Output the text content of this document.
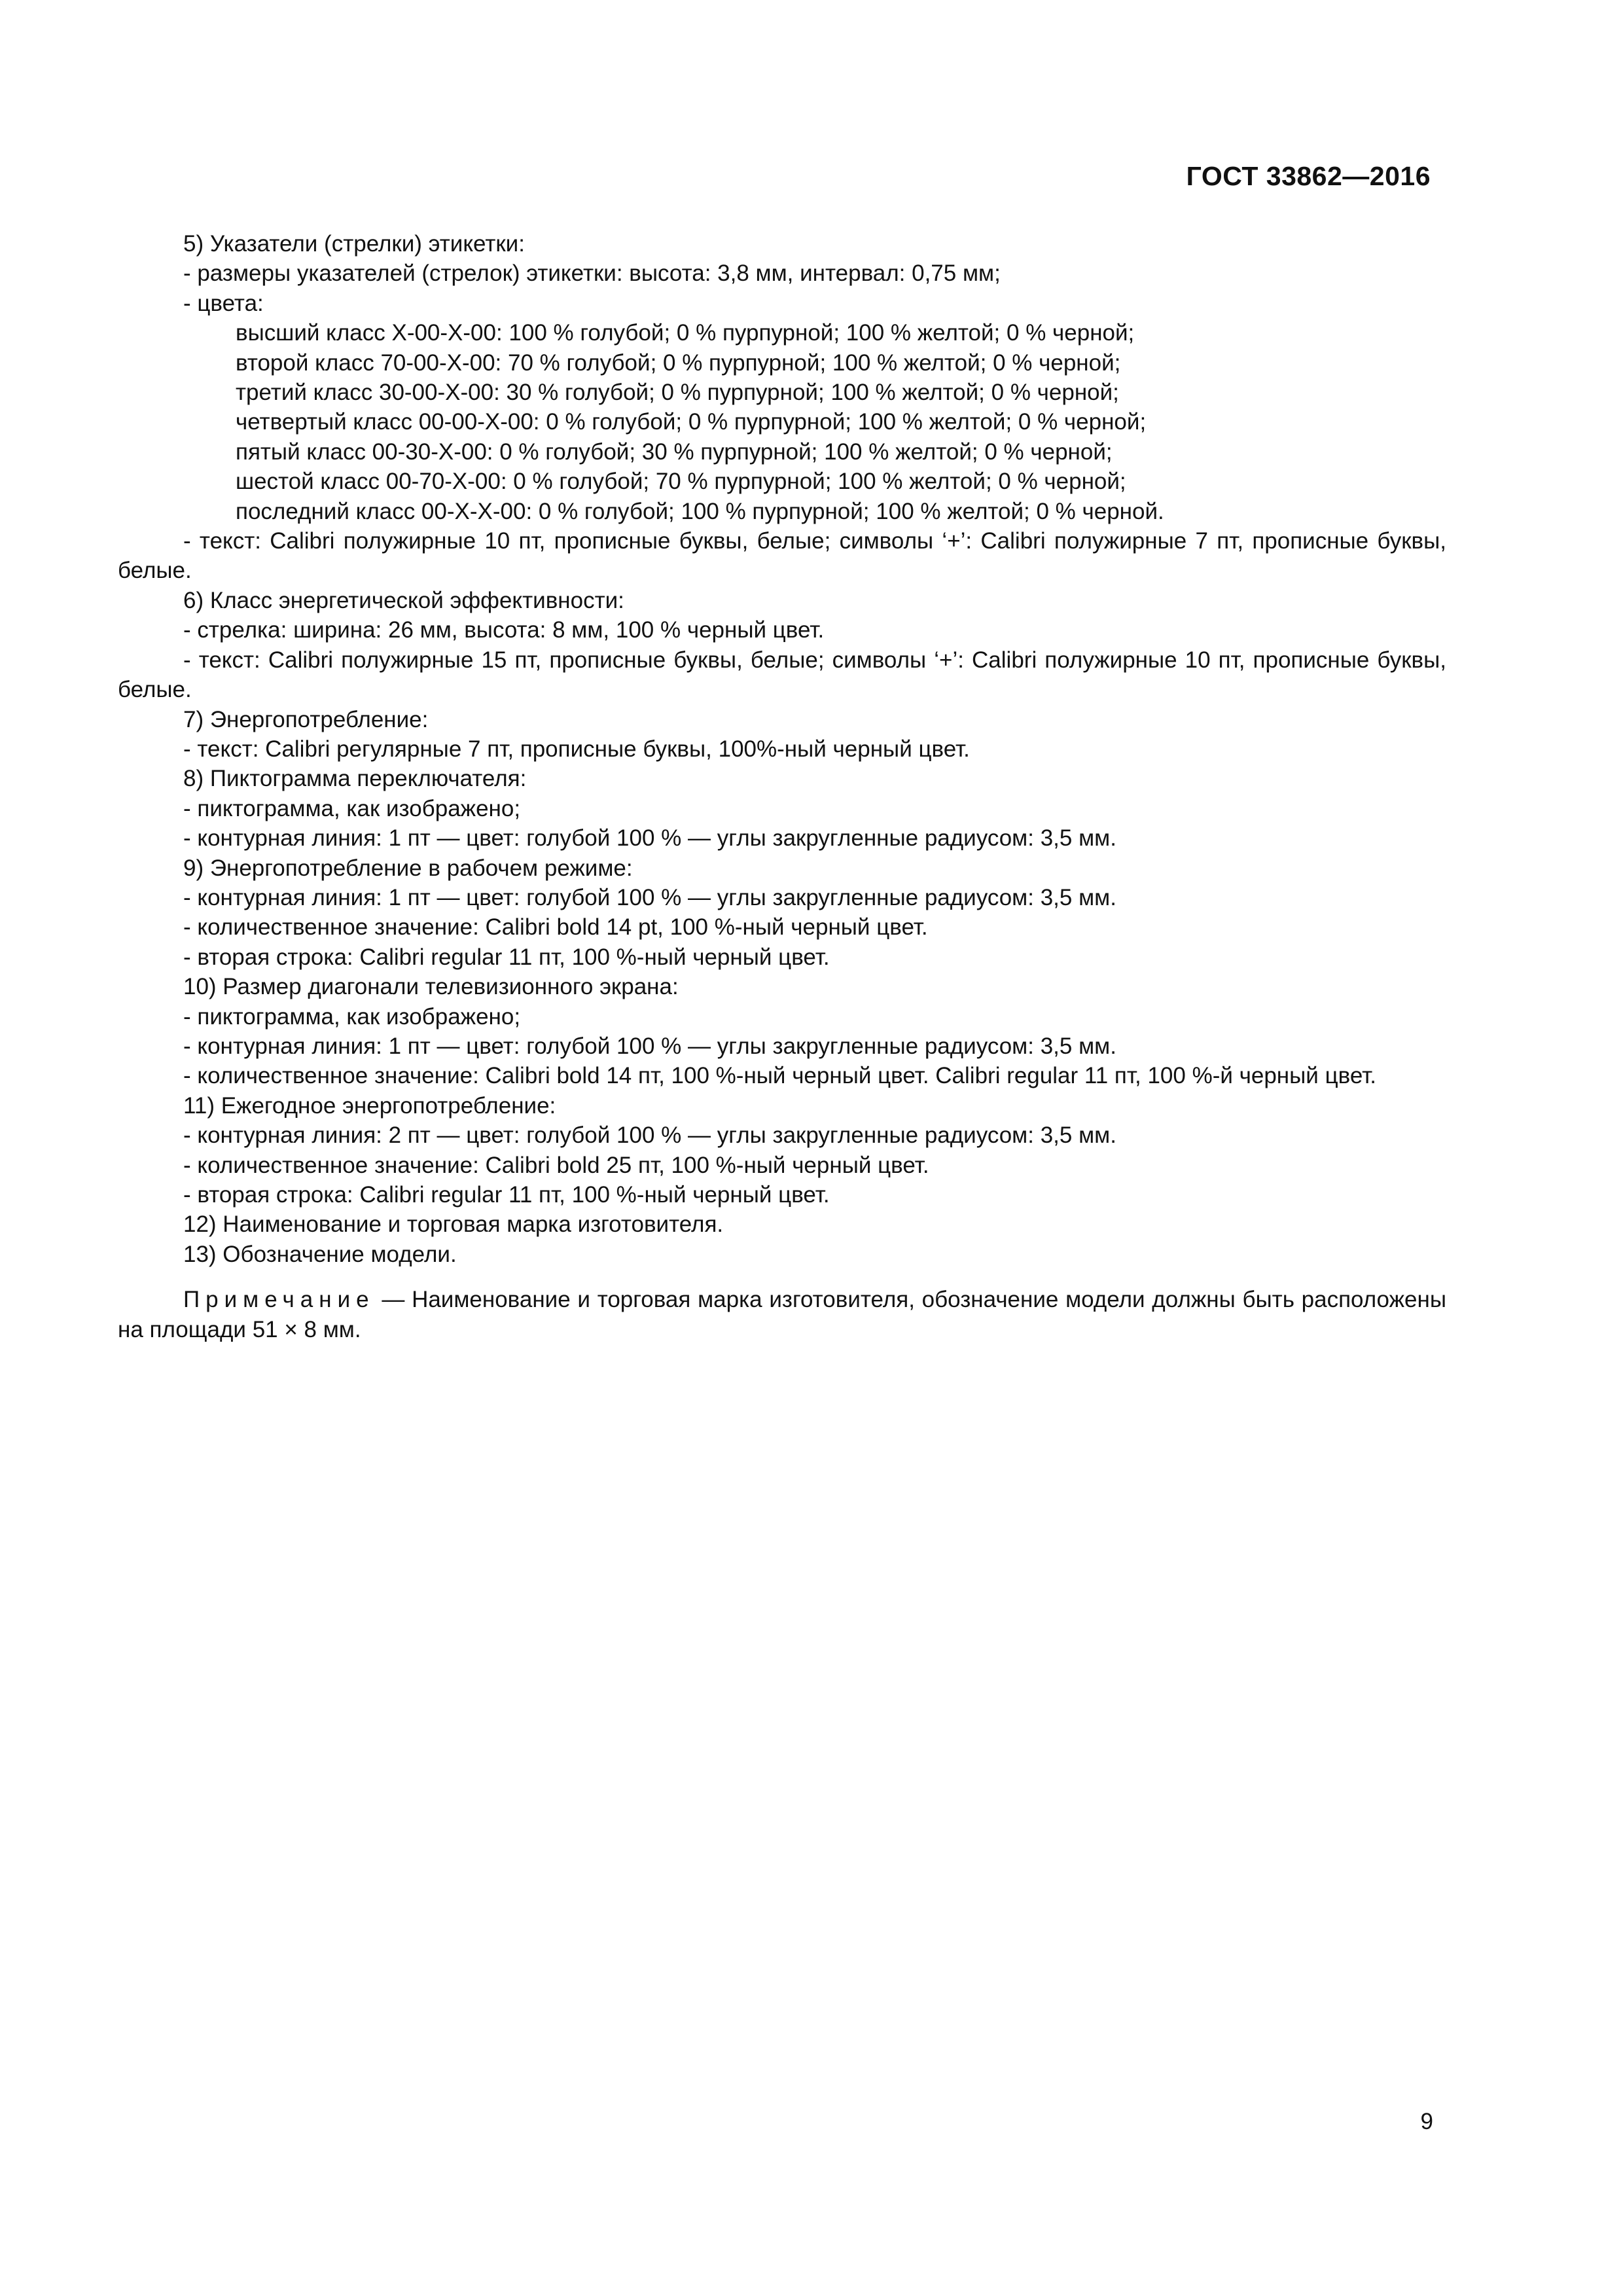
ГОСТ 33862—2016
5) Указатели (стрелки) этикетки:
- размеры указателей (стрелок) этикетки: высота: 3,8 мм, интервал: 0,75 мм;
- цвета:
высший класс X-00-X-00: 100 % голубой; 0 % пурпурной; 100 % желтой; 0 % черной;
второй класс 70-00-X-00: 70 % голубой; 0 % пурпурной; 100 % желтой; 0 % черной;
третий класс 30-00-X-00: 30 % голубой; 0 % пурпурной; 100 % желтой; 0 % черной;
четвертый класс 00-00-X-00: 0 % голубой; 0 % пурпурной; 100 % желтой; 0 % черной;
пятый класс 00-30-X-00: 0 % голубой; 30 % пурпурной; 100 % желтой; 0 % черной;
шестой класс 00-70-X-00: 0 % голубой; 70 % пурпурной; 100 % желтой; 0 % черной;
последний класс 00-X-X-00: 0 % голубой; 100 % пурпурной; 100 % желтой; 0 % черной.
- текст: Calibri полужирные 10 пт, прописные буквы, белые; символы ‘+’: Calibri полужирные 7 пт, прописные буквы, белые.
6) Класс энергетической эффективности:
- стрелка: ширина: 26 мм, высота: 8 мм, 100 % черный цвет.
- текст: Calibri полужирные 15 пт, прописные буквы, белые; символы ‘+’: Calibri полужирные 10 пт, прописные буквы, белые.
7) Энергопотребление:
- текст: Calibri регулярные 7 пт, прописные буквы, 100%-ный черный цвет.
8) Пиктограмма переключателя:
- пиктограмма, как изображено;
- контурная линия: 1 пт — цвет: голубой 100 % — углы закругленные радиусом: 3,5 мм.
9) Энергопотребление в рабочем режиме:
- контурная линия: 1 пт — цвет: голубой 100 % — углы закругленные радиусом: 3,5 мм.
- количественное значение: Calibri bold 14 pt, 100 %-ный черный цвет.
- вторая строка: Calibri regular 11 пт, 100 %-ный черный цвет.
10) Размер диагонали телевизионного экрана:
- пиктограмма, как изображено;
- контурная линия: 1 пт — цвет: голубой 100 % — углы закругленные радиусом: 3,5 мм.
- количественное значение: Calibri bold 14 пт, 100 %-ный черный цвет. Calibri regular 11 пт, 100 %-й черный цвет.
11) Ежегодное энергопотребление:
- контурная линия: 2 пт — цвет: голубой 100 % — углы закругленные радиусом: 3,5 мм.
- количественное значение: Calibri bold 25 пт, 100 %-ный черный цвет.
- вторая строка: Calibri regular 11 пт, 100 %-ный черный цвет.
12) Наименование и торговая марка изготовителя.
13) Обозначение модели.
Примечание — Наименование и торговая марка изготовителя, обозначение модели должны быть расположены на площади 51 × 8 мм.
9
